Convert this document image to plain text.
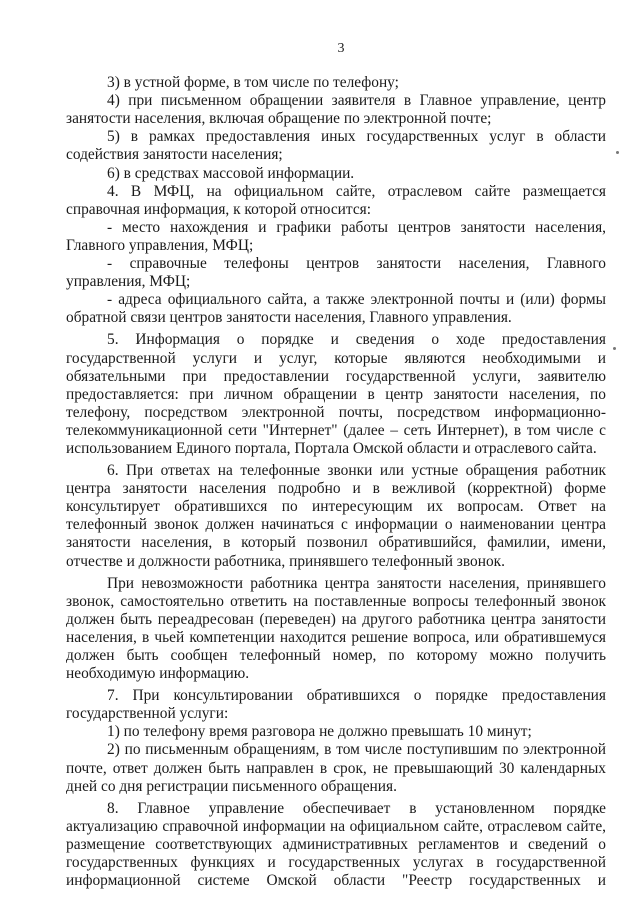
3

3) в устной форме, в том числе по телефону;

4) при письменном обращении заявителя в Главное управление, центр занятости населения, включая обращение по электронной почте;

5) в рамках предоставления иных государственных услуг в области содействия занятости населения;

6) в средствах массовой информации.

4. В МФЦ, на официальном сайте, отраслевом сайте размещается справочная информация, к которой относится:

- место нахождения и графики работы центров занятости населения, Главного управления, МФЦ;

- справочные телефоны центров занятости населения, Главного управления, МФЦ;

- адреса официального сайта, а также электронной почты и (или) формы обратной связи центров занятости населения, Главного управления.

5. Информация о порядке и сведения о ходе предоставления государственной услуги и услуг, которые являются необходимыми и обязательными при предоставлении государственной услуги, заявителю предоставляется: при личном обращении в центр занятости населения, по телефону, посредством электронной почты, посредством информационно-телекоммуникационной сети "Интернет" (далее – сеть Интернет), в том числе с использованием Единого портала, Портала Омской области и отраслевого сайта.

6. При ответах на телефонные звонки или устные обращения работник центра занятости населения подробно и в вежливой (корректной) форме консультирует обратившихся по интересующим их вопросам. Ответ на телефонный звонок должен начинаться с информации о наименовании центра занятости населения, в который позвонил обратившийся, фамилии, имени, отчестве и должности работника, принявшего телефонный звонок.

При невозможности работника центра занятости населения, принявшего звонок, самостоятельно ответить на поставленные вопросы телефонный звонок должен быть переадресован (переведен) на другого работника центра занятости населения, в чьей компетенции находится решение вопроса, или обратившемуся должен быть сообщен телефонный номер, по которому можно получить необходимую информацию.

7. При консультировании обратившихся о порядке предоставления государственной услуги:

1) по телефону время разговора не должно превышать 10 минут;

2) по письменным обращениям, в том числе поступившим по электронной почте, ответ должен быть направлен в срок, не превышающий 30 календарных дней со дня регистрации письменного обращения.

8. Главное управление обеспечивает в установленном порядке актуализацию справочной информации на официальном сайте, отраслевом сайте, размещение соответствующих административных регламентов и сведений о государственных функциях и государственных услугах в государственной информационной системе Омской области "Реестр государственных и
